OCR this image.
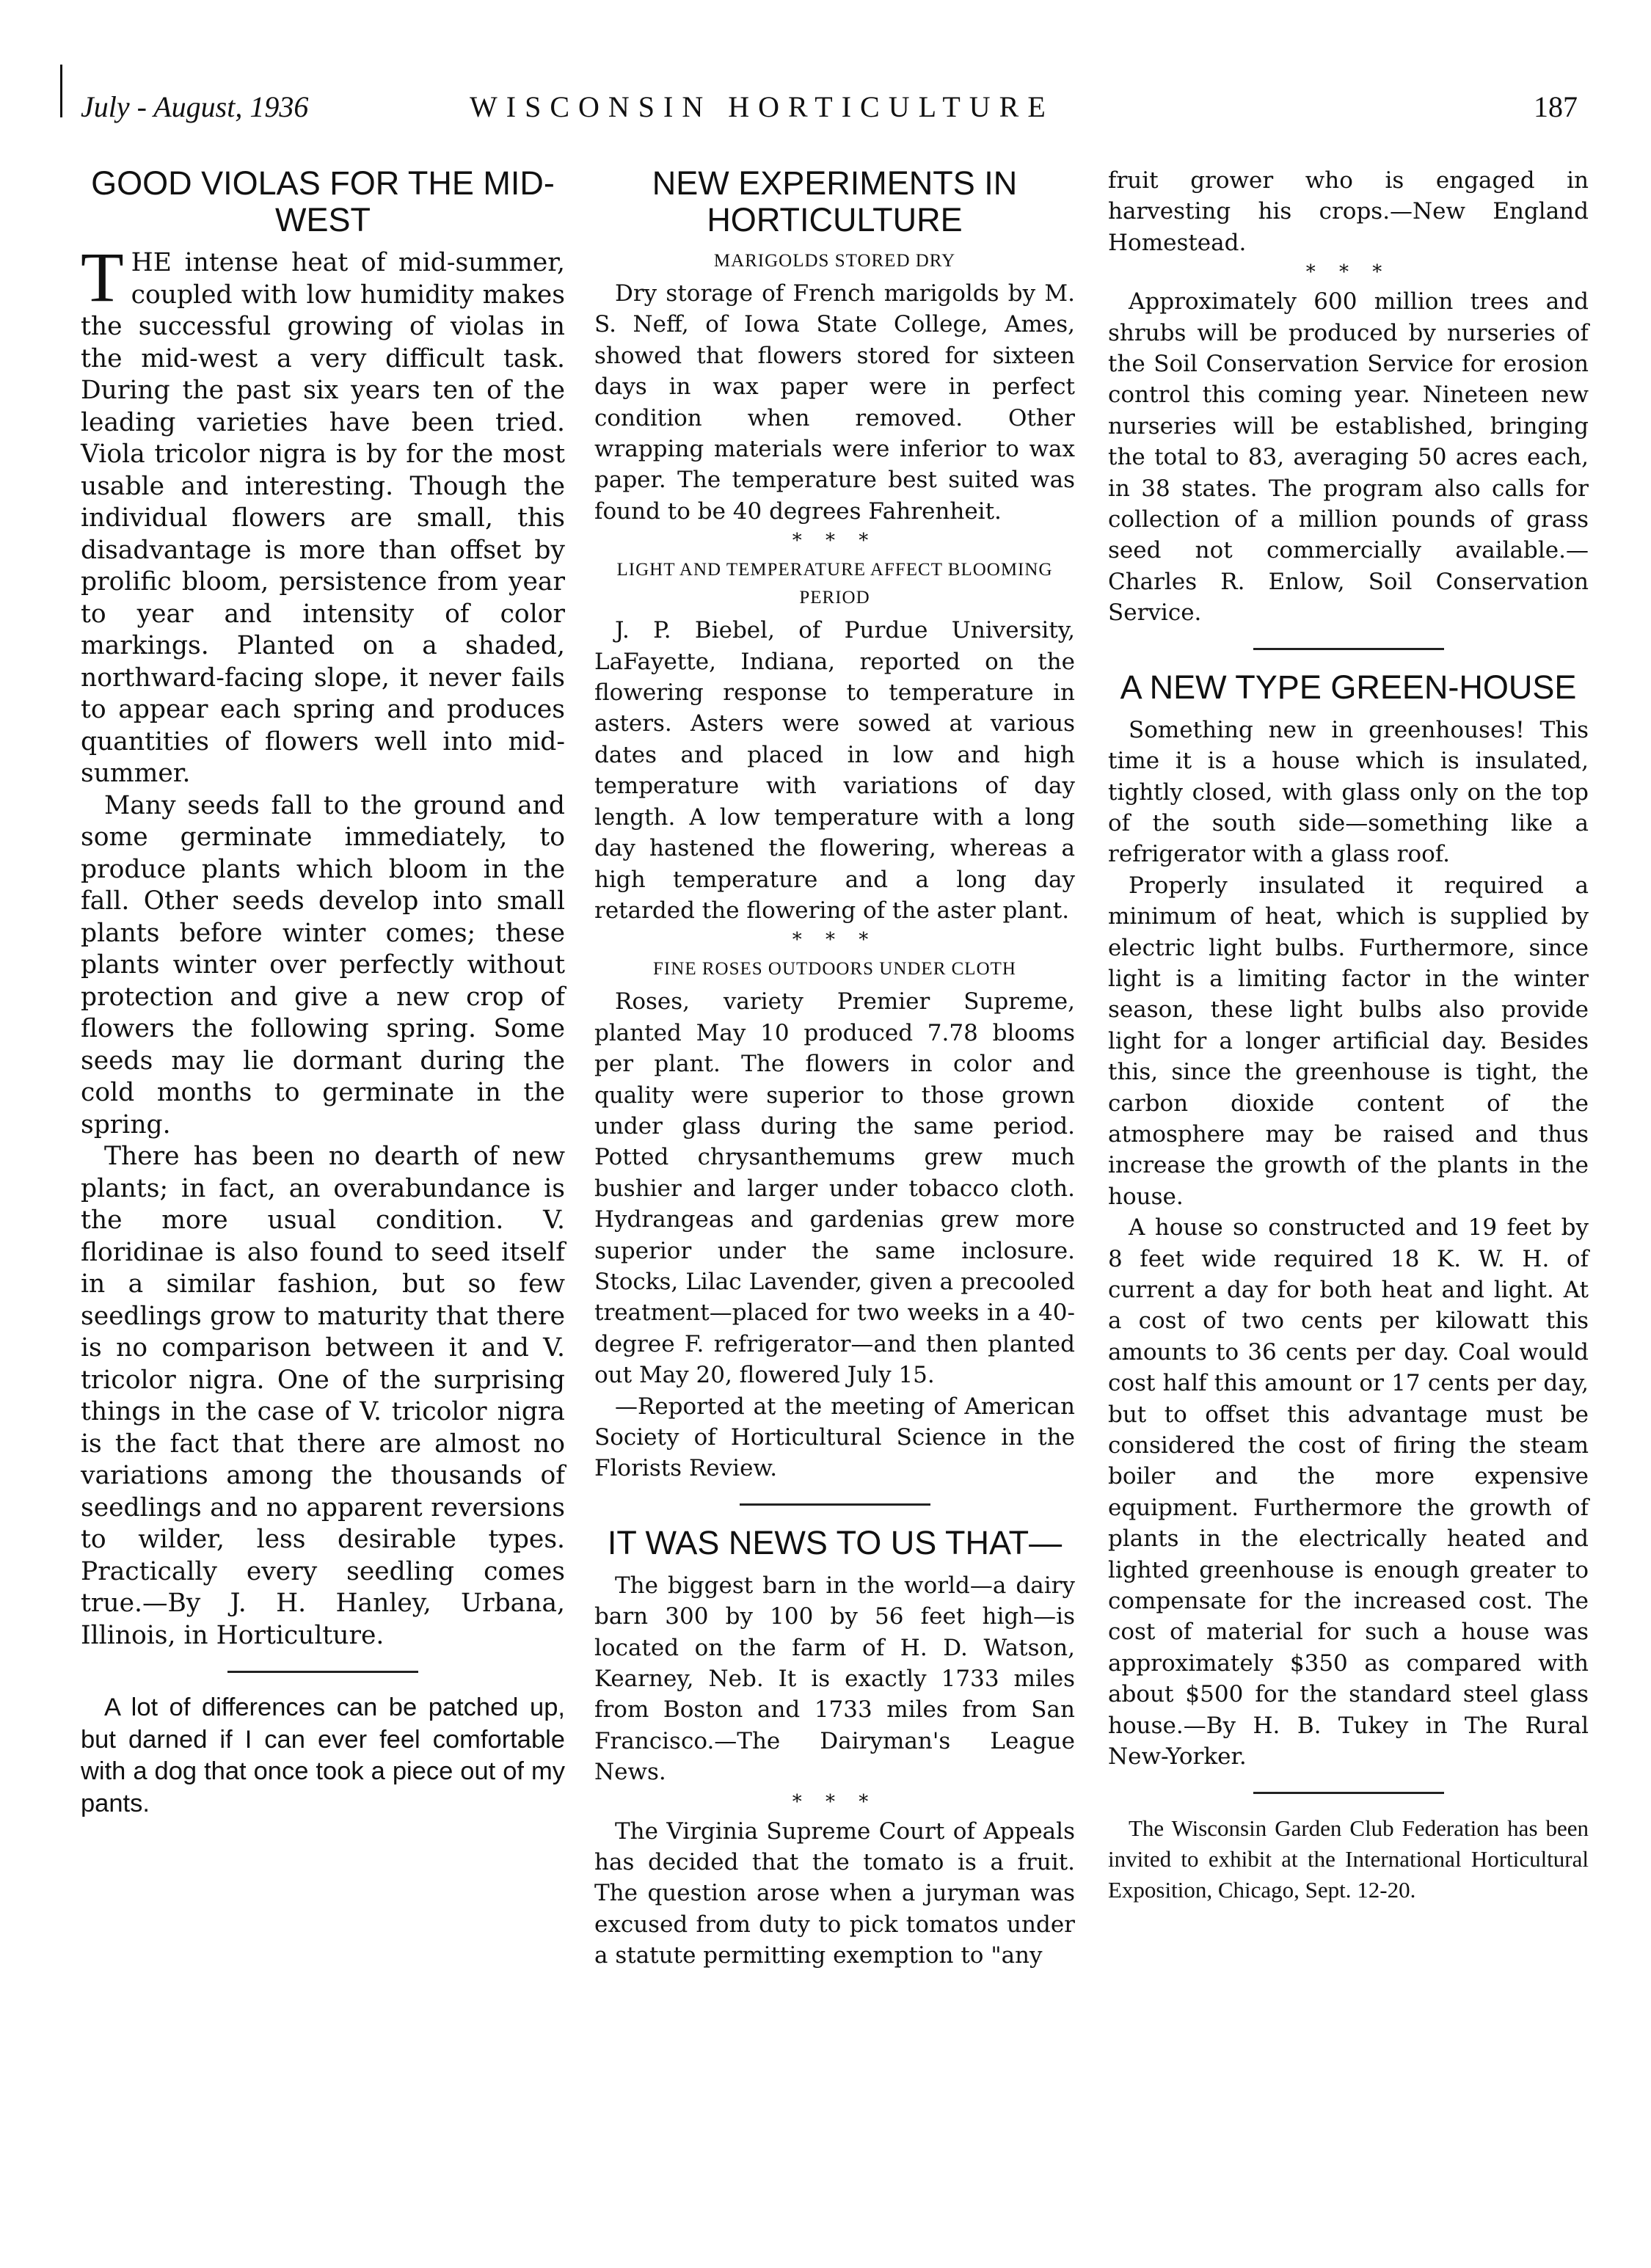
July - August, 1936	WISCONSIN HORTICULTURE	187
GOOD VIOLAS FOR THE MID-WEST

THE intense heat of mid-summer, coupled with low humidity makes the successful growing of violas in the mid-west a very difficult task. During the past six years ten of the leading varieties have been tried. Viola tricolor nigra is by for the most usable and interesting. Though the individual flowers are small, this disadvantage is more than offset by prolific bloom, persistence from year to year and intensity of color markings. Planted on a shaded, northward-facing slope, it never fails to appear each spring and produces quantities of flowers well into mid-summer.

Many seeds fall to the ground and some germinate immediately, to produce plants which bloom in the fall. Other seeds develop into small plants before winter comes; these plants winter over perfectly without protection and give a new crop of flowers the following spring. Some seeds may lie dormant during the cold months to germinate in the spring.

There has been no dearth of new plants; in fact, an overabundance is the more usual condition. V. floridinae is also found to seed itself in a similar fashion, but so few seedlings grow to maturity that there is no comparison between it and V. tricolor nigra. One of the surprising things in the case of V. tricolor nigra is the fact that there are almost no variations among the thousands of seedlings and no apparent reversions to wilder, less desirable types. Practically every seedling comes true.—By J. H. Hanley, Urbana, Illinois, in Horticulture.

A lot of differences can be patched up, but darned if I can ever feel comfortable with a dog that once took a piece out of my pants.

NEW EXPERIMENTS IN HORTICULTURE
MARIGOLDS STORED DRY

Dry storage of French marigolds by M. S. Neff, of Iowa State College, Ames, showed that flowers stored for sixteen days in wax paper were in perfect condition when removed. Other wrapping materials were inferior to wax paper. The temperature best suited was found to be 40 degrees Fahrenheit.

* * *
LIGHT AND TEMPERATURE AFFECT BLOOMING PERIOD

J. P. Biebel, of Purdue University, LaFayette, Indiana, reported on the flowering response to temperature in asters. Asters were sowed at various dates and placed in low and high temperature with variations of day length. A low temperature with a long day hastened the flowering, whereas a high temperature and a long day retarded the flowering of the aster plant.

* * *
FINE ROSES OUTDOORS UNDER CLOTH

Roses, variety Premier Supreme, planted May 10 produced 7.78 blooms per plant. The flowers in color and quality were superior to those grown under glass during the same period. Potted chrysanthemums grew much bushier and larger under tobacco cloth. Hydrangeas and gardenias grew more superior under the same inclosure. Stocks, Lilac Lavender, given a precooled treatment—placed for two weeks in a 40-degree F. refrigerator—and then planted out May 20, flowered July 15.

—Reported at the meeting of American Society of Horticultural Science in the Florists Review.

IT WAS NEWS TO US THAT—

The biggest barn in the world—a dairy barn 300 by 100 by 56 feet high—is located on the farm of H. D. Watson, Kearney, Neb. It is exactly 1733 miles from Boston and 1733 miles from San Francisco.—The Dairyman's League News.

* * *

The Virginia Supreme Court of Appeals has decided that the tomato is a fruit. The question arose when a juryman was excused from duty to pick tomatos under a statute permitting exemption to "any

fruit grower who is engaged in harvesting his crops.—New England Homestead.

* * *

Approximately 600 million trees and shrubs will be produced by nurseries of the Soil Conservation Service for erosion control this coming year. Nineteen new nurseries will be established, bringing the total to 83, averaging 50 acres each, in 38 states. The program also calls for collection of a million pounds of grass seed not commercially available.—Charles R. Enlow, Soil Conservation Service.

A NEW TYPE GREEN-HOUSE

Something new in greenhouses! This time it is a house which is insulated, tightly closed, with glass only on the top of the south side—something like a refrigerator with a glass roof.

Properly insulated it required a minimum of heat, which is supplied by electric light bulbs. Furthermore, since light is a limiting factor in the winter season, these light bulbs also provide light for a longer artificial day. Besides this, since the greenhouse is tight, the carbon dioxide content of the atmosphere may be raised and thus increase the growth of the plants in the house.

A house so constructed and 19 feet by 8 feet wide required 18 K. W. H. of current a day for both heat and light. At a cost of two cents per kilowatt this amounts to 36 cents per day. Coal would cost half this amount or 17 cents per day, but to offset this advantage must be considered the cost of firing the steam boiler and the more expensive equipment. Furthermore the growth of plants in the electrically heated and lighted greenhouse is enough greater to compensate for the increased cost. The cost of material for such a house was approximately $350 as compared with about $500 for the standard steel glass house.—By H. B. Tukey in The Rural New-Yorker.

The Wisconsin Garden Club Federation has been invited to exhibit at the International Horticultural Exposition, Chicago, Sept. 12-20.
